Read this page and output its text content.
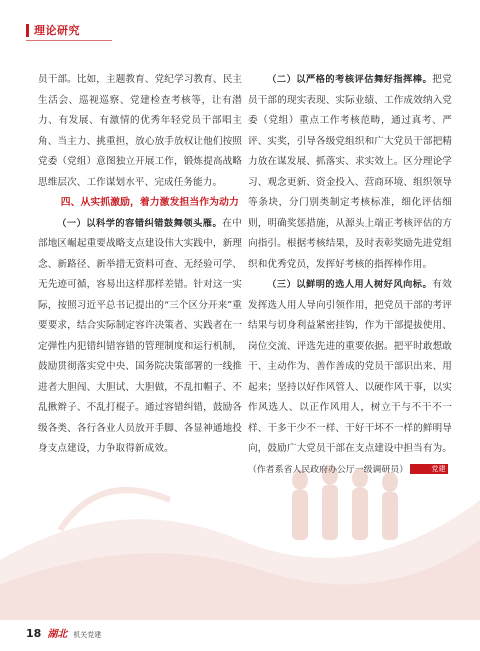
理论研究

员干部。比如，主题教育、党纪学习教育、民主生活会、巡视巡察、党建检查考核等，让有潜力、有发展、有激情的优秀年轻党员干部唱主角、当主力、挑重担，放心放手放权让他们按照党委（党组）意图独立开展工作，锻炼提高战略思维层次、工作谋划水平、完成任务能力。

四、从实抓激励，着力激发担当作为动力

（一）以科学的容错纠错鼓舞领头雁。在中部地区崛起重要战略支点建设伟大实践中，新理念、新路径、新举措无资料可查、无经验可学、无先迹可循，容易出这样那样差错。针对这一实际，按照习近平总书记提出的“三个区分开来”重要要求，结合实际制定容许决策者、实践者在一定弹性内犯错纠错容错的管理制度和运行机制，鼓励贯彻落实党中央、国务院决策部署的一线推进者大胆闯、大胆试、大胆做，不乱扣帽子、不乱揪辫子、不乱打棍子。通过容错纠错，鼓励各级各类、各行各业人员放开手脚、各显神通地投身支点建设，力争取得新成效。

（二）以严格的考核评估舞好指挥棒。把党员干部的现实表现、实际业绩、工作成效纳入党委（党组）重点工作考核范畴，通过真考、严评、实奖，引导各级党组织和广大党员干部把精力放在谋发展、抓落实、求实效上。区分理论学习、观念更新、资金投入、营商环境、组织领导等条块，分门别类制定考核标准，细化评估细则，明确奖惩措施，从源头上端正考核评估的方向指引。根据考核结果，及时表彰奖励先进党组织和优秀党员，发挥好考核的指挥棒作用。

（三）以鲜明的选人用人树好风向标。有效发挥选人用人导向引领作用，把党员干部的考评结果与切身利益紧密挂钩，作为干部提拔使用、岗位交流、评选先进的重要依据。把平时敢想敢干、主动作为、善作善成的党员干部识出来、用起来；坚持以好作风管人、以硬作风干事，以实作风选人、以正作风用人，树立干与不干不一样、干多干少不一样、干好干坏不一样的鲜明导向，鼓励广大党员干部在支点建设中担当有为。（作者系省人民政府办公厅一级调研员）	党建

18 湖北 机关党建
